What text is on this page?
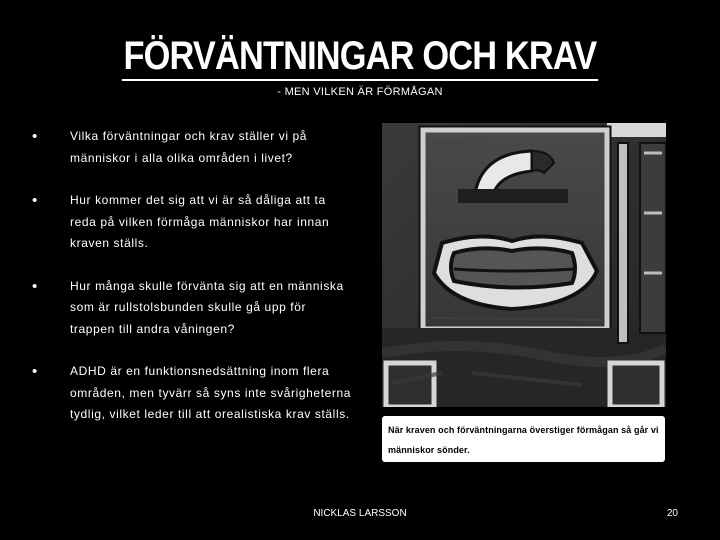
FÖRVÄNTNINGAR OCH KRAV
- MEN VILKEN ÄR FÖRMÅGAN
•	Vilka förväntningar och krav ställer vi på människor i alla olika områden i livet?
•	Hur kommer det sig att vi är så dåliga att ta reda på vilken förmåga människor har innan kraven ställs.
•	Hur många skulle förvänta sig att en människa som är rullstolsbunden skulle gå upp för trappen till andra våningen?
•	ADHD är en funktionsnedsättning inom flera områden, men tyvärr så syns inte svårigheterna tydlig, vilket leder till att orealistiska krav ställs.
När kraven och förväntningarna överstiger förmågan så går vi människor sönder.
NICKLAS LARSSON	20
